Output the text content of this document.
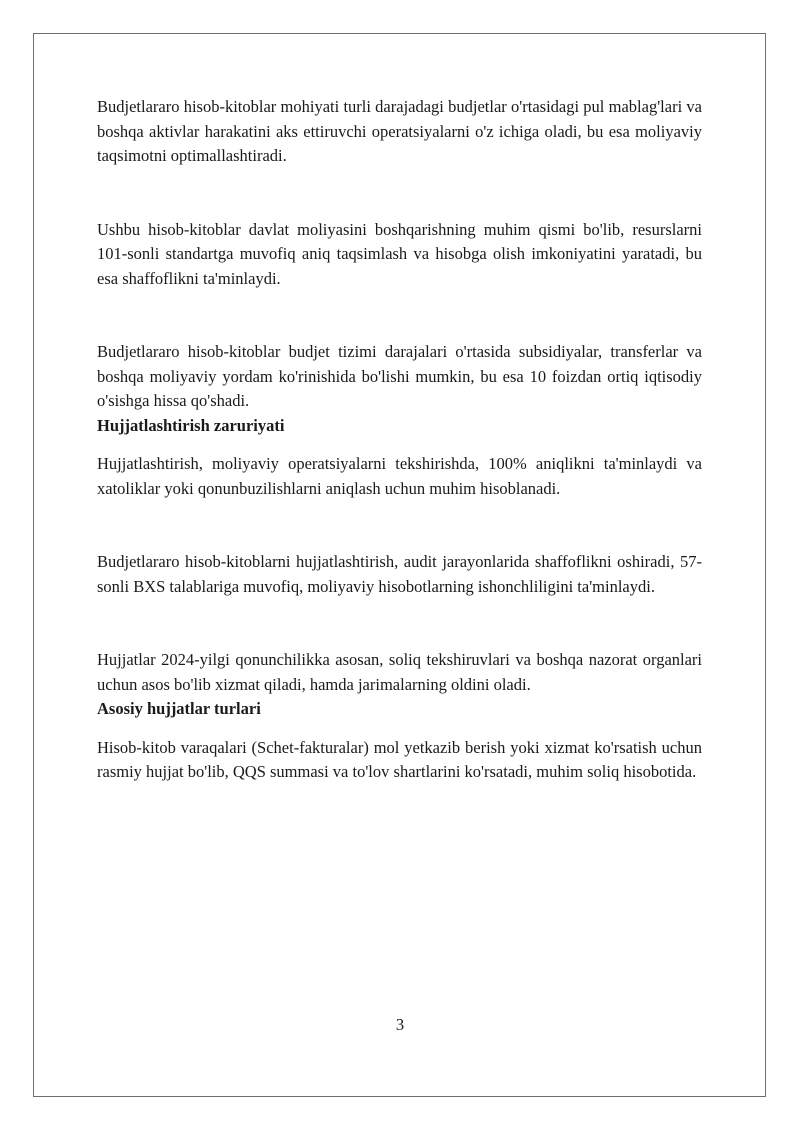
Budjetlararo hisob-kitoblar mohiyati turli darajadagi budjetlar o'rtasidagi pul mablag'lari va boshqa aktivlar harakatini aks ettiruvchi operatsiyalarni o'z ichiga oladi, bu esa moliyaviy taqsimotni optimallashtiradi.

Ushbu hisob-kitoblar davlat moliyasini boshqarishning muhim qismi bo'lib, resurslarni 101-sonli standartga muvofiq aniq taqsimlash va hisobga olish imkoniyatini yaratadi, bu esa shaffoflikni ta'minlaydi.

Budjetlararo hisob-kitoblar budjet tizimi darajalari o'rtasida subsidiyalar, transferlar va boshqa moliyaviy yordam ko'rinishida bo'lishi mumkin, bu esa 10 foizdan ortiq iqtisodiy o'sishga hissa qo'shadi.

Hujjatlashtirish zaruriyati

Hujjatlashtirish, moliyaviy operatsiyalarni tekshirishda, 100% aniqlikni ta'minlaydi va xatoliklar yoki qonunbuzilishlarni aniqlash uchun muhim hisoblanadi.

Budjetlararo hisob-kitoblarni hujjatlashtirish, audit jarayonlarida shaffoflikni oshiradi, 57-sonli BXS talablariga muvofiq, moliyaviy hisobotlarning ishonchliligini ta'minlaydi.

Hujjatlar 2024-yilgi qonunchilikka asosan, soliq tekshiruvlari va boshqa nazorat organlari uchun asos bo'lib xizmat qiladi, hamda jarimalarning oldini oladi.

Asosiy hujjatlar turlari

Hisob-kitob varaqalari (Schet-fakturalar) mol yetkazib berish yoki xizmat ko'rsatish uchun rasmiy hujjat bo'lib, QQS summasi va to'lov shartlarini ko'rsatadi, muhim soliq hisobotida.

3
